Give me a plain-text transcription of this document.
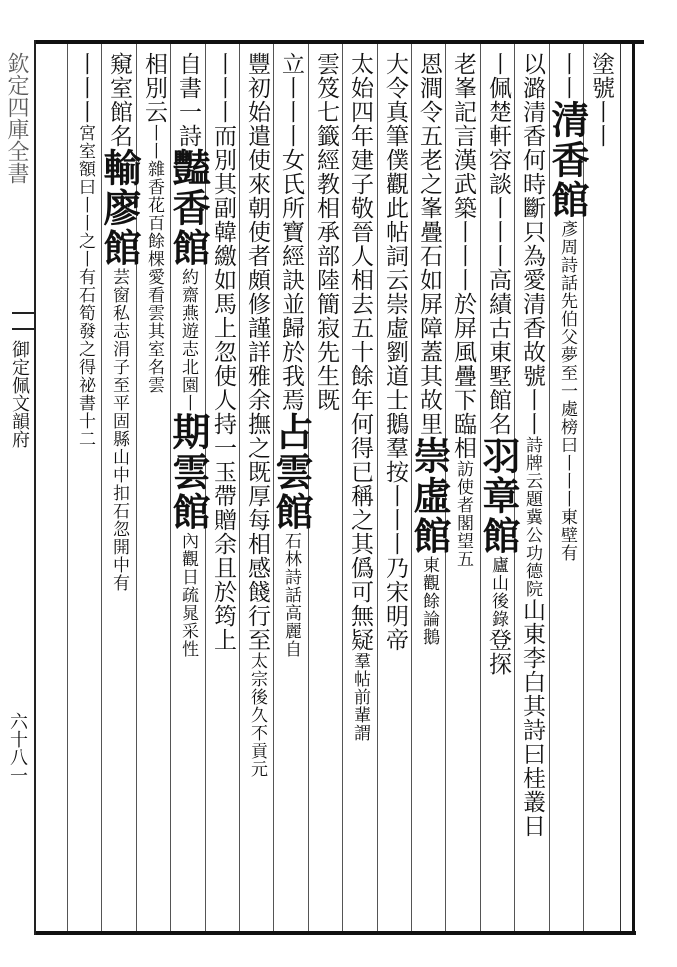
欽定四庫全書
御定佩文韻府
六十八一
塗號丨丨
丨丨清香館彥周詩話先伯父夢至一處榜曰丨丨丨東壁有
以潞清香何時斷只為愛清香故號丨丨詩牌云題冀公功德院山東李白其詩曰桂叢日
丨佩楚軒容談丨丨丨高績古東墅館名羽章館廬山後錄登探
老峯記言漢武築丨丨丨於屏風疊下臨相訪使者閣望五
恩澗令五老之峯疊石如屏障蓋其故里崇虛館東觀餘論鵝
大令真筆僕觀此帖詞云崇虛劉道士鵝羣按丨丨丨乃宋明帝
太始四年建子敬晉人相去五十餘年何得已稱之其僞可無疑羣帖前輩謂
雲笈七籤經教相承部陸簡寂先生既
立丨丨丨女氏所寶經訣並歸於我焉占雲館石林詩話高麗自
豐初始遣使來朝使者頗修謹詳雅余撫之既厚每相感餞行至太宗後久不貢元
丨丨丨而別其副韓繳如馬上忽使人持一玉帶贈余且於筠上
自書一詩豔香館約齋燕遊志北園丨期雲館內觀日疏晁采性
相別云丨丨雜香花百餘棵愛看雲其室名雲
窺室館名輸廖館芸窗私志涓子至平固縣山中扣石忽開中有
丨丨丨宮室額曰丨丨之丨有石筍發之得祕書十二
